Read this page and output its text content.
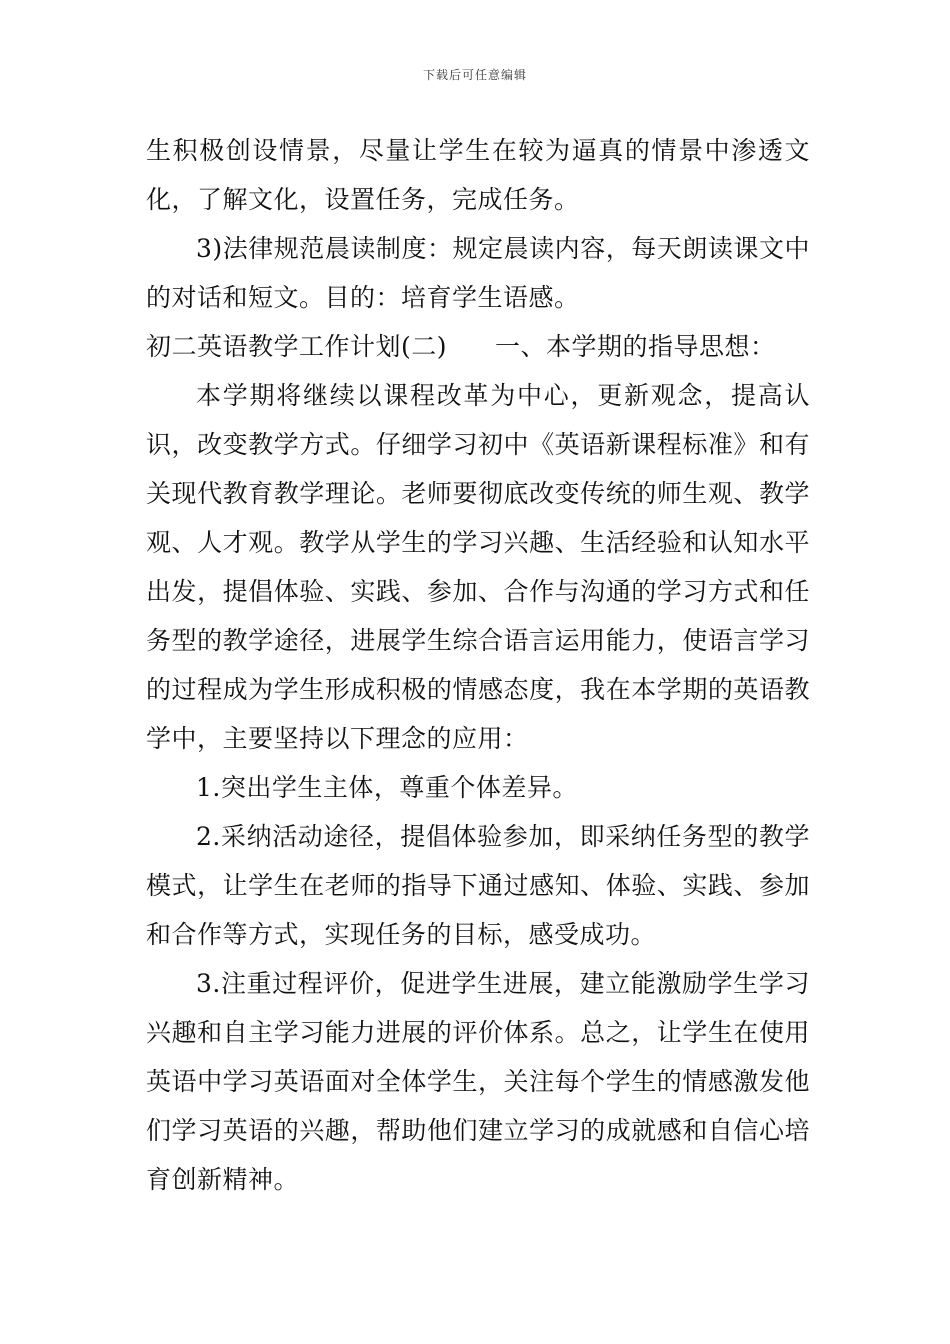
下载后可任意编辑

生积极创设情景，尽量让学生在较为逼真的情景中渗透文化，了解文化，设置任务，完成任务。

3)法律规范晨读制度：规定晨读内容，每天朗读课文中的对话和短文。目的：培育学生语感。

初二英语教学工作计划(二) 一、本学期的指导思想：

本学期将继续以课程改革为中心，更新观念，提高认识，改变教学方式。仔细学习初中《英语新课程标准》和有关现代教育教学理论。老师要彻底改变传统的师生观、教学观、人才观。教学从学生的学习兴趣、生活经验和认知水平出发，提倡体验、实践、参加、合作与沟通的学习方式和任务型的教学途径，进展学生综合语言运用能力，使语言学习的过程成为学生形成积极的情感态度，我在本学期的英语教学中，主要坚持以下理念的应用：

1.突出学生主体，尊重个体差异。

2.采纳活动途径，提倡体验参加，即采纳任务型的教学模式，让学生在老师的指导下通过感知、体验、实践、参加和合作等方式，实现任务的目标，感受成功。

3.注重过程评价，促进学生进展，建立能激励学生学习兴趣和自主学习能力进展的评价体系。总之，让学生在使用英语中学习英语面对全体学生，关注每个学生的情感激发他们学习英语的兴趣，帮助他们建立学习的成就感和自信心培育创新精神。
